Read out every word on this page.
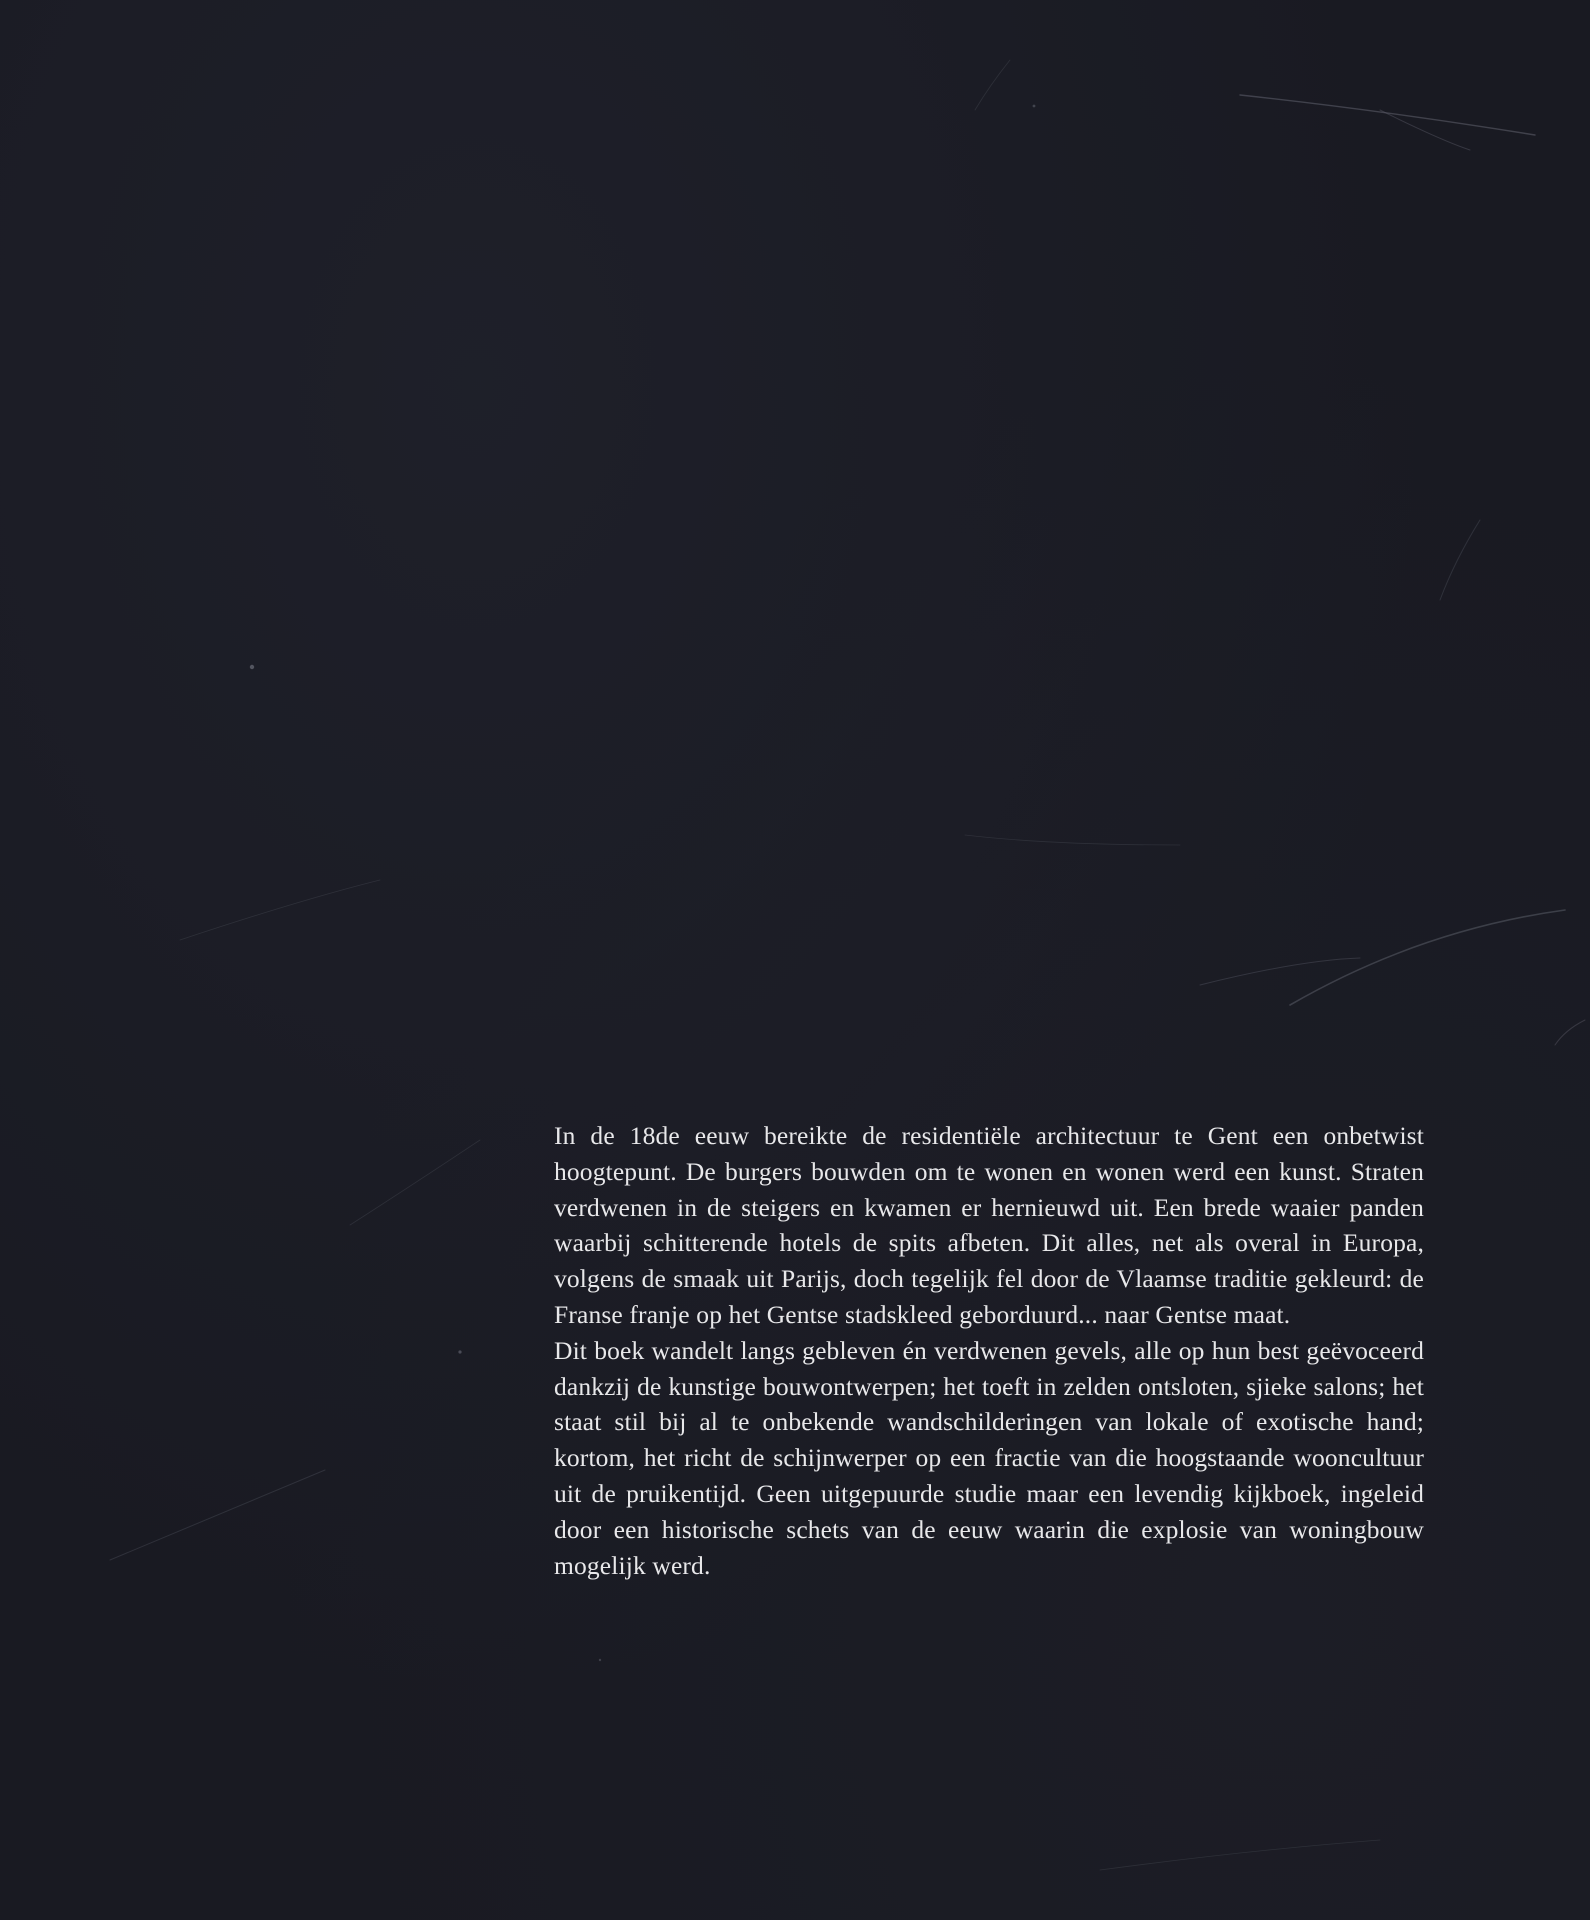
In de 18de eeuw bereikte de residentiële architectuur te Gent een onbetwist hoogtepunt. De burgers bouwden om te wonen en wonen werd een kunst. Straten verdwenen in de steigers en kwamen er hernieuwd uit. Een brede waaier panden waarbij schitterende hotels de spits afbeten. Dit alles, net als overal in Europa, volgens de smaak uit Parijs, doch tegelijk fel door de Vlaamse traditie gekleurd: de Franse franje op het Gentse stadskleed geborduurd... naar Gentse maat.

Dit boek wandelt langs gebleven én verdwenen gevels, alle op hun best geëvoceerd dankzij de kunstige bouwontwerpen; het toeft in zelden ontsloten, sjieke salons; het staat stil bij al te onbekende wandschilderingen van lokale of exotische hand; kortom, het richt de schijnwerper op een fractie van die hoogstaande wooncultuur uit de pruikentijd. Geen uitgepuurde studie maar een levendig kijkboek, ingeleid door een historische schets van de eeuw waarin die explosie van woningbouw mogelijk werd.
